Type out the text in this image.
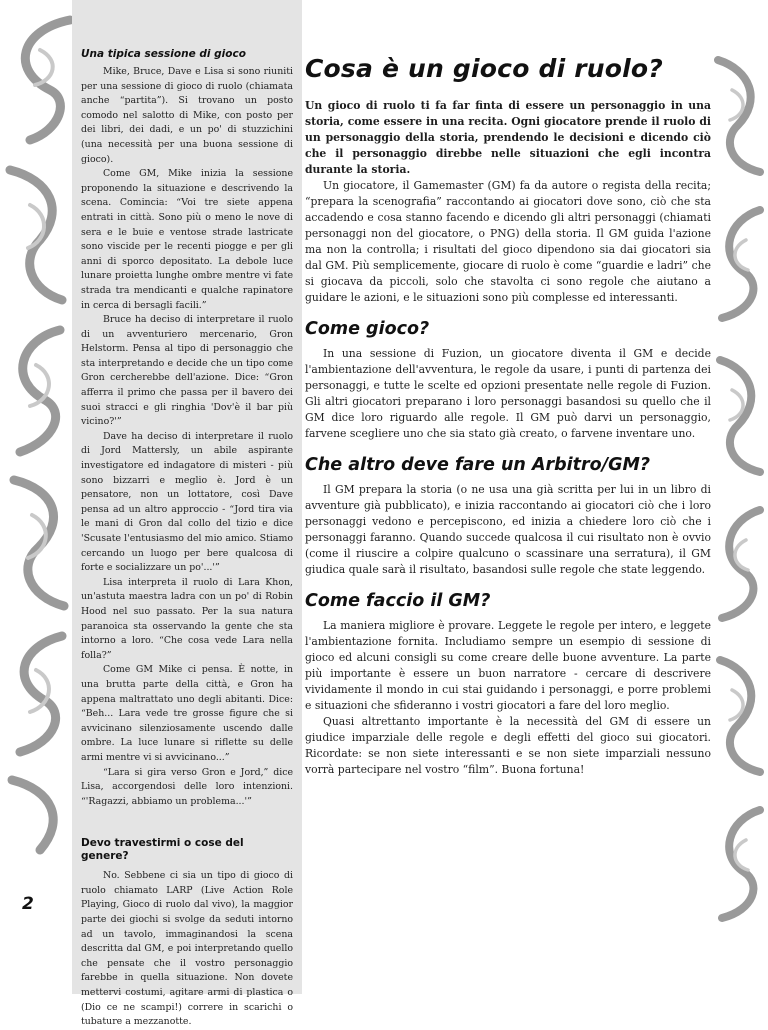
Una tipica sessione di gioco

Mike, Bruce, Dave e Lisa si sono riuniti per una sessione di gioco di ruolo (chiamata anche “partita”). Si trovano un posto comodo nel salotto di Mike, con posto per dei libri, dei dadi, e un po' di stuzzichini (una necessità per una buona sessione di gioco).

Come GM, Mike inizia la sessione proponendo la situazione e descrivendo la scena. Comincia: “Voi tre siete appena entrati in città. Sono più o meno le nove di sera e le buie e ventose strade lastricate sono viscide per le recenti piogge e per gli anni di sporco depositato. La debole luce lunare proietta lunghe ombre mentre vi fate strada tra mendicanti e qualche rapinatore in cerca di bersagli facili.”

Bruce ha deciso di interpretare il ruolo di un avventuriero mercenario, Gron Helstorm. Pensa al tipo di personaggio che sta interpretando e decide che un tipo come Gron cercherebbe dell'azione. Dice: “Gron afferra il primo che passa per il bavero dei suoi stracci e gli ringhia 'Dov'è il bar più vicino?'”

Dave ha deciso di interpretare il ruolo di Jord Mattersly, un abile aspirante investigatore ed indagatore di misteri - più sono bizzarri e meglio è. Jord è un pensatore, non un lottatore, così Dave pensa ad un altro approccio - “Jord tira via le mani di Gron dal collo del tizio e dice 'Scusate l'entusiasmo del mio amico. Stiamo cercando un luogo per bere qualcosa di forte e socializzare un po'...'”

Lisa interpreta il ruolo di Lara Khon, un'astuta maestra ladra con un po' di Robin Hood nel suo passato. Per la sua natura paranoica sta osservando la gente che sta intorno a loro. “Che cosa vede Lara nella folla?”

Come GM Mike ci pensa. È notte, in una brutta parte della città, e Gron ha appena maltrattato uno degli abitanti. Dice: “Beh... Lara vede tre grosse figure che si avvicinano silenziosamente uscendo dalle ombre. La luce lunare si riflette su delle armi mentre vi si avvicinano...”

“Lara si gira verso Gron e Jord,” dice Lisa, accorgendosi delle loro intenzioni. “'Ragazzi, abbiamo un problema...'”

Devo travestirmi o cose del genere?

No. Sebbene ci sia un tipo di gioco di ruolo chiamato LARP (Live Action Role Playing, Gioco di ruolo dal vivo), la maggior parte dei giochi si svolge da seduti intorno ad un tavolo, immaginandosi la scena descritta dal GM, e poi interpretando quello che pensate che il vostro personaggio farebbe in quella situazione. Non dovete mettervi costumi, agitare armi di plastica o (Dio ce ne scampi!) correre in scarichi o tubature a mezzanotte.

Cosa è un gioco di ruolo?

Un gioco di ruolo ti fa far finta di essere un personaggio in una storia, come essere in una recita. Ogni giocatore prende il ruolo di un personaggio della storia, prendendo le decisioni e dicendo ciò che il personaggio direbbe nelle situazioni che egli incontra durante la storia.

Un giocatore, il Gamemaster (GM) fa da autore o regista della recita; “prepara la scenografia” raccontando ai giocatori dove sono, ciò che sta accadendo e cosa stanno facendo e dicendo gli altri personaggi (chiamati personaggi non del giocatore, o PNG) della storia. Il GM guida l'azione ma non la controlla; i risultati del gioco dipendono sia dai giocatori sia dal GM. Più semplicemente, giocare di ruolo è come “guardie e ladri” che si giocava da piccoli, solo che stavolta ci sono regole che aiutano a guidare le azioni, e le situazioni sono più complesse ed interessanti.

Come gioco?

In una sessione di Fuzion, un giocatore diventa il GM e decide l'ambientazione dell'avventura, le regole da usare, i punti di partenza dei personaggi, e tutte le scelte ed opzioni presentate nelle regole di Fuzion. Gli altri giocatori preparano i loro personaggi basandosi su quello che il GM dice loro riguardo alle regole. Il GM può darvi un personaggio, farvene scegliere uno che sia stato già creato, o farvene inventare uno.

Che altro deve fare un Arbitro/GM?

Il GM prepara la storia (o ne usa una già scritta per lui in un libro di avventure già pubblicato), e inizia raccontando ai giocatori ciò che i loro personaggi vedono e percepiscono, ed inizia a chiedere loro ciò che i personaggi faranno. Quando succede qualcosa il cui risultato non è ovvio (come il riuscire a colpire qualcuno o scassinare una serratura), il GM giudica quale sarà il risultato, basandosi sulle regole che state leggendo.

Come faccio il GM?

La maniera migliore è provare. Leggete le regole per intero, e leggete l'ambientazione fornita. Includiamo sempre un esempio di sessione di gioco ed alcuni consigli su come creare delle buone avventure. La parte più importante è essere un buon narratore - cercare di descrivere vividamente il mondo in cui stai guidando i personaggi, e porre problemi e situazioni che sfideranno i vostri giocatori a fare del loro meglio.

Quasi altrettanto importante è la necessità del GM di essere un giudice imparziale delle regole e degli effetti del gioco sui giocatori. Ricordate: se non siete interessanti e se non siete imparziali nessuno vorrà partecipare nel vostro “film”. Buona fortuna!

2
